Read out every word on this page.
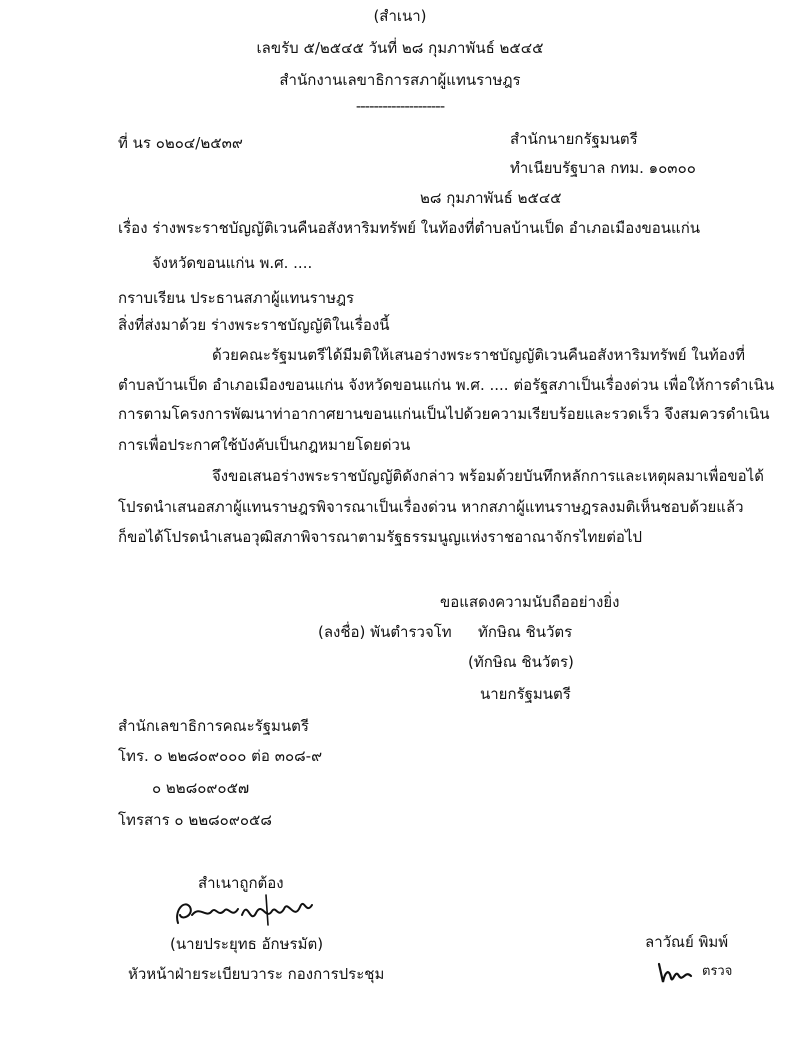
(สำเนา)
เลขรับ ๕/๒๕๔๕ วันที่ ๒๘ กุมภาพันธ์ ๒๕๔๕
สำนักงานเลขาธิการสภาผู้แทนราษฎร
--------------------
ที่ นร ๐๒๐๔/๒๕๓๙	สำนักนายกรัฐมนตรี
ทำเนียบรัฐบาล กทม. ๑๐๓๐๐
๒๘ กุมภาพันธ์ ๒๕๔๕
เรื่อง ร่างพระราชบัญญัติเวนคืนอสังหาริมทรัพย์ ในท้องที่ตำบลบ้านเป็ด อำเภอเมืองขอนแก่น
จังหวัดขอนแก่น พ.ศ. ....
กราบเรียน ประธานสภาผู้แทนราษฎร
สิ่งที่ส่งมาด้วย ร่างพระราชบัญญัติในเรื่องนี้
ด้วยคณะรัฐมนตรีได้มีมติให้เสนอร่างพระราชบัญญัติเวนคืนอสังหาริมทรัพย์ ในท้องที่
ตำบลบ้านเป็ด อำเภอเมืองขอนแก่น จังหวัดขอนแก่น พ.ศ. .... ต่อรัฐสภาเป็นเรื่องด่วน เพื่อให้การดำเนิน
การตามโครงการพัฒนาท่าอากาศยานขอนแก่นเป็นไปด้วยความเรียบร้อยและรวดเร็ว จึงสมควรดำเนิน
การเพื่อประกาศใช้บังคับเป็นกฎหมายโดยด่วน
จึงขอเสนอร่างพระราชบัญญัติดังกล่าว พร้อมด้วยบันทึกหลักการและเหตุผลมาเพื่อขอได้
โปรดนำเสนอสภาผู้แทนราษฎรพิจารณาเป็นเรื่องด่วน หากสภาผู้แทนราษฎรลงมติเห็นชอบด้วยแล้ว
ก็ขอได้โปรดนำเสนอวุฒิสภาพิจารณาตามรัฐธรรมนูญแห่งราชอาณาจักรไทยต่อไป
ขอแสดงความนับถืออย่างยิ่ง
(ลงชื่อ) พันตำรวจโท ทักษิณ ชินวัตร
(ทักษิณ ชินวัตร)
นายกรัฐมนตรี
สำนักเลขาธิการคณะรัฐมนตรี
โทร. ๐ ๒๒๘๐๙๐๐๐ ต่อ ๓๐๘-๙
๐ ๒๒๘๐๙๐๕๗
โทรสาร ๐ ๒๒๘๐๙๐๕๘
สำเนาถูกต้อง
(นายประยุทธ อักษรมัต)
หัวหน้าฝ่ายระเบียบวาระ กองการประชุม
ลาวัณย์ พิมพ์
ตรวจ
